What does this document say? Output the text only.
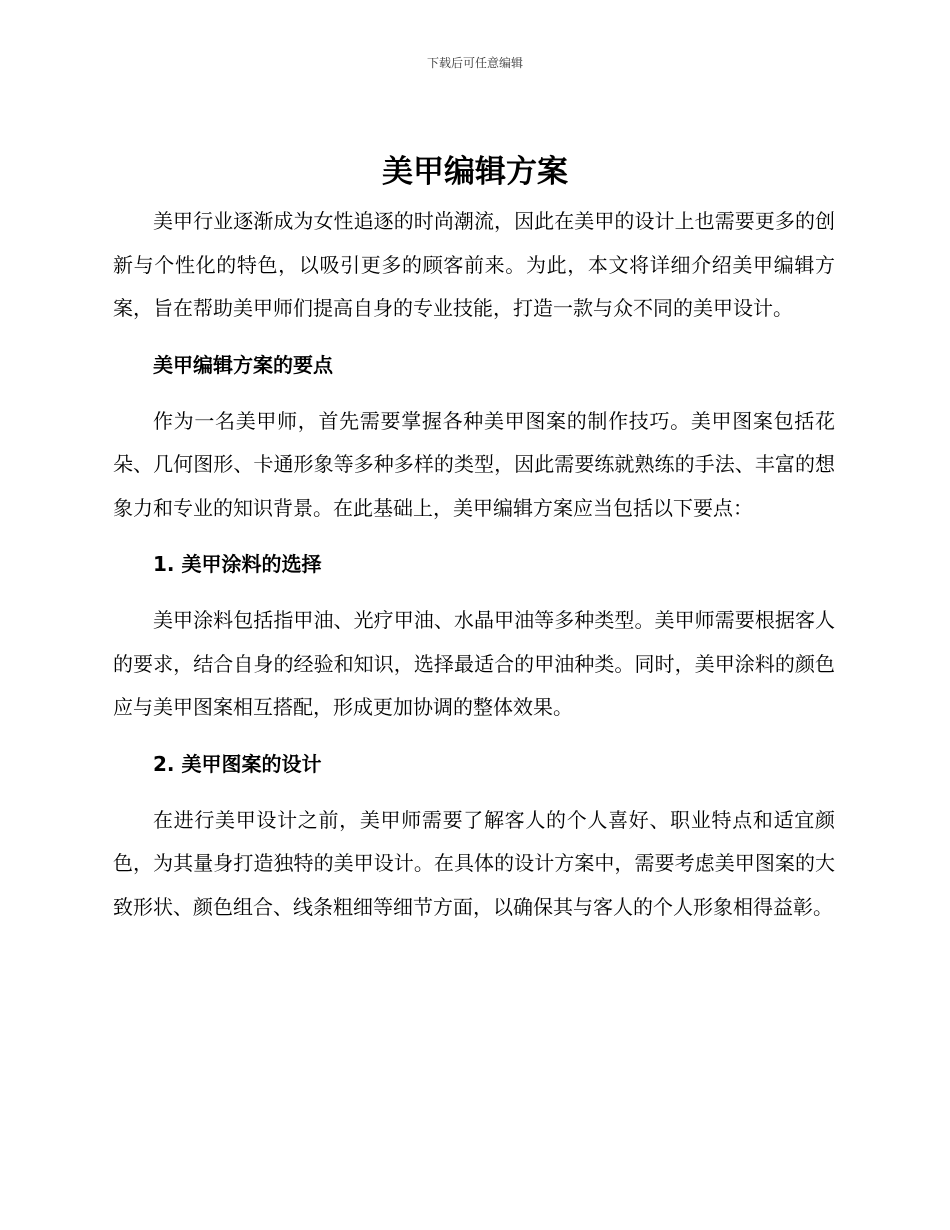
下载后可任意编辑
美甲编辑方案

美甲行业逐渐成为女性追逐的时尚潮流，因此在美甲的设计上也需要更多的创新与个性化的特色，以吸引更多的顾客前来。为此，本文将详细介绍美甲编辑方案，旨在帮助美甲师们提高自身的专业技能，打造一款与众不同的美甲设计。

美甲编辑方案的要点

作为一名美甲师，首先需要掌握各种美甲图案的制作技巧。美甲图案包括花朵、几何图形、卡通形象等多种多样的类型，因此需要练就熟练的手法、丰富的想象力和专业的知识背景。在此基础上，美甲编辑方案应当包括以下要点：

1. 美甲涂料的选择

美甲涂料包括指甲油、光疗甲油、水晶甲油等多种类型。美甲师需要根据客人的要求，结合自身的经验和知识，选择最适合的甲油种类。同时，美甲涂料的颜色应与美甲图案相互搭配，形成更加协调的整体效果。

2. 美甲图案的设计

在进行美甲设计之前，美甲师需要了解客人的个人喜好、职业特点和适宜颜色，为其量身打造独特的美甲设计。在具体的设计方案中，需要考虑美甲图案的大致形状、颜色组合、线条粗细等细节方面，以确保其与客人的个人形象相得益彰。
